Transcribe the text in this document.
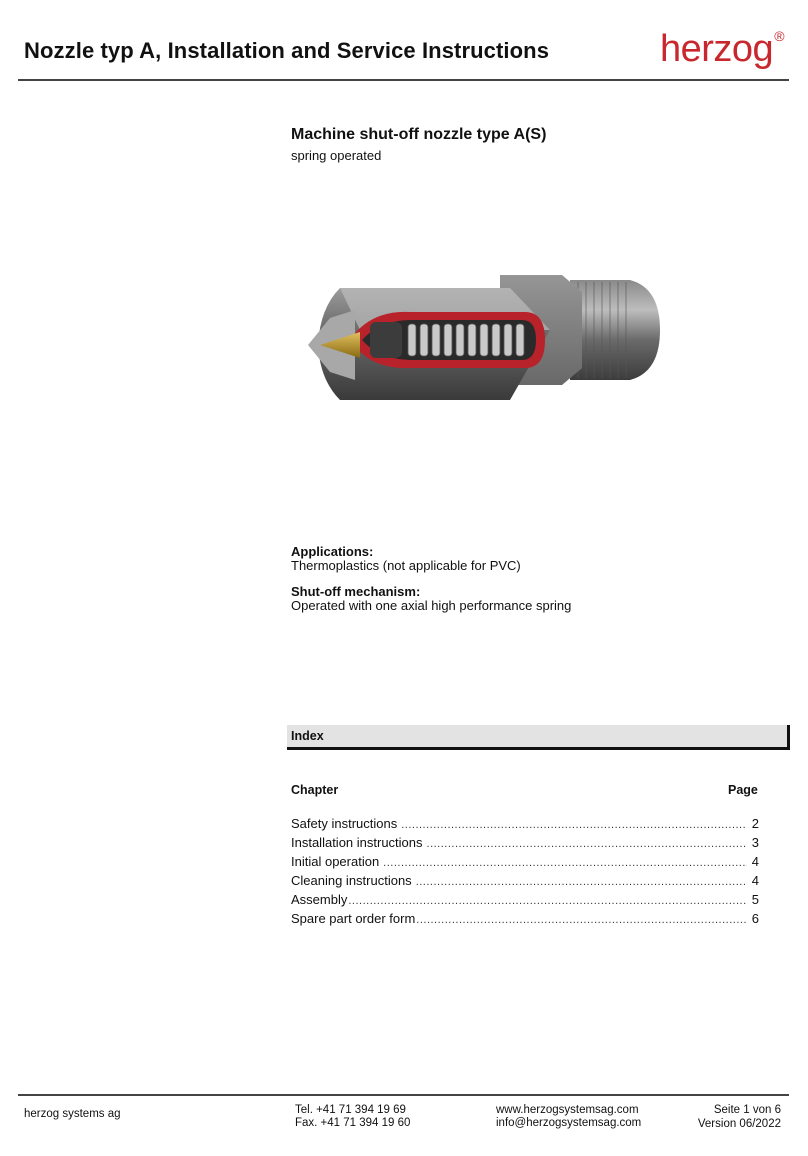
Nozzle typ A, Installation and Service Instructions	herzog®
Machine shut-off nozzle type A(S)
spring operated
Applications:
Thermoplastics (not applicable for PVC)
Shut-off mechanism:
Operated with one axial high performance spring
Index
Chapter	Page
Safety instructions .....	2
Installation instructions .....	3
Initial operation .....	4
Cleaning instructions .....	4
Assembly .....	5
Spare part order form .....	6
herzog systems ag	Tel. +41 71 394 19 69
Fax. +41 71 394 19 60
www.herzogsystemsag.com
info@herzogsystemsag.com
Seite 1 von 6
Version 06/2022
